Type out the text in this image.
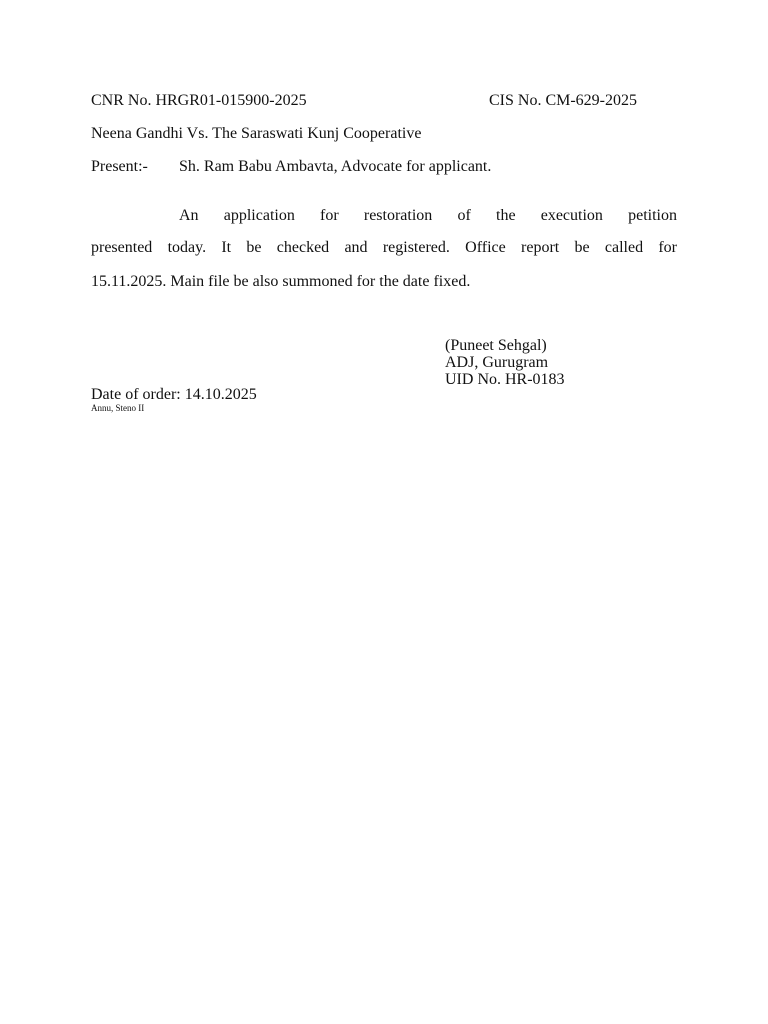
CNR No. HRGR01-015900-2025	CIS No. CM-629-2025
Neena Gandhi Vs. The Saraswati Kunj Cooperative
Present:- Sh. Ram Babu Ambavta, Advocate for applicant.
An application for restoration of the execution petition
presented today. It be checked and registered. Office report be called for
15.11.2025. Main file be also summoned for the date fixed.
(Puneet Sehgal)
ADJ, Gurugram
UID No. HR-0183
Date of order: 14.10.2025
Annu, Steno II
